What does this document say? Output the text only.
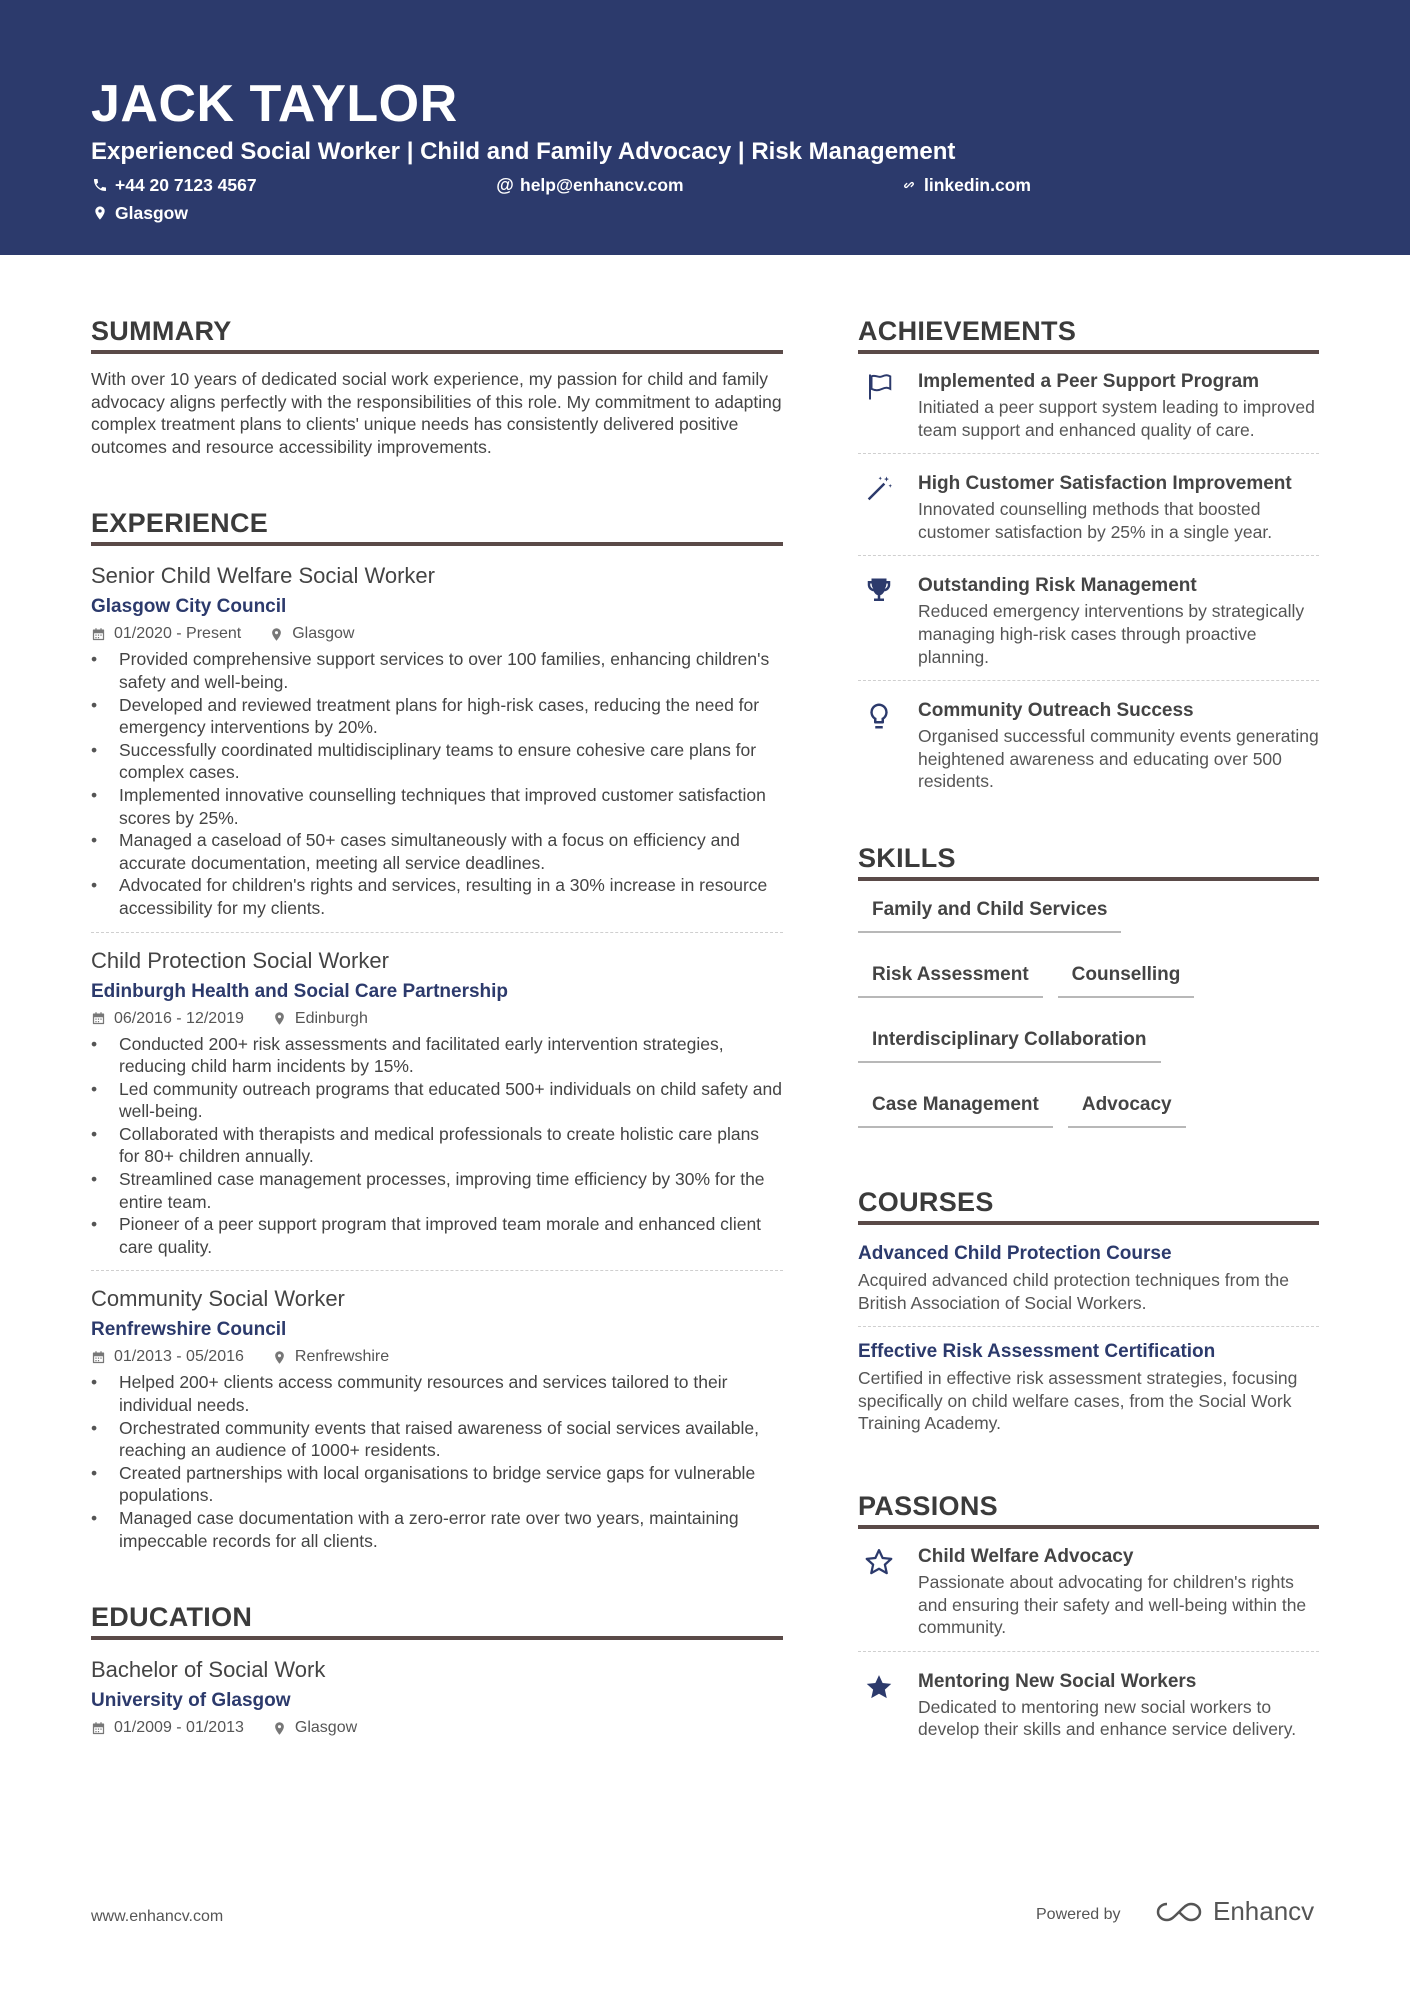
JACK TAYLOR
Experienced Social Worker | Child and Family Advocacy | Risk Management
+44 20 7123 4567	@ help@enhancv.com	linkedin.com
Glasgow
SUMMARY
With over 10 years of dedicated social work experience, my passion for child and family advocacy aligns perfectly with the responsibilities of this role. My commitment to adapting complex treatment plans to clients' unique needs has consistently delivered positive outcomes and resource accessibility improvements.
EXPERIENCE
Senior Child Welfare Social Worker
Glasgow City Council
01/2020 - Present	Glasgow
• Provided comprehensive support services to over 100 families, enhancing children's safety and well-being.
• Developed and reviewed treatment plans for high-risk cases, reducing the need for emergency interventions by 20%.
• Successfully coordinated multidisciplinary teams to ensure cohesive care plans for complex cases.
• Implemented innovative counselling techniques that improved customer satisfaction scores by 25%.
• Managed a caseload of 50+ cases simultaneously with a focus on efficiency and accurate documentation, meeting all service deadlines.
• Advocated for children's rights and services, resulting in a 30% increase in resource accessibility for my clients.
Child Protection Social Worker
Edinburgh Health and Social Care Partnership
06/2016 - 12/2019	Edinburgh
• Conducted 200+ risk assessments and facilitated early intervention strategies, reducing child harm incidents by 15%.
• Led community outreach programs that educated 500+ individuals on child safety and well-being.
• Collaborated with therapists and medical professionals to create holistic care plans for 80+ children annually.
• Streamlined case management processes, improving time efficiency by 30% for the entire team.
• Pioneer of a peer support program that improved team morale and enhanced client care quality.
Community Social Worker
Renfrewshire Council
01/2013 - 05/2016	Renfrewshire
• Helped 200+ clients access community resources and services tailored to their individual needs.
• Orchestrated community events that raised awareness of social services available, reaching an audience of 1000+ residents.
• Created partnerships with local organisations to bridge service gaps for vulnerable populations.
• Managed case documentation with a zero-error rate over two years, maintaining impeccable records for all clients.
EDUCATION
Bachelor of Social Work
University of Glasgow
01/2009 - 01/2013	Glasgow
ACHIEVEMENTS
Implemented a Peer Support Program
Initiated a peer support system leading to improved team support and enhanced quality of care.
High Customer Satisfaction Improvement
Innovated counselling methods that boosted customer satisfaction by 25% in a single year.
Outstanding Risk Management
Reduced emergency interventions by strategically managing high-risk cases through proactive planning.
Community Outreach Success
Organised successful community events generating heightened awareness and educating over 500 residents.
SKILLS
Family and Child Services
Risk Assessment	Counselling
Interdisciplinary Collaboration
Case Management	Advocacy
COURSES
Advanced Child Protection Course
Acquired advanced child protection techniques from the British Association of Social Workers.
Effective Risk Assessment Certification
Certified in effective risk assessment strategies, focusing specifically on child welfare cases, from the Social Work Training Academy.
PASSIONS
Child Welfare Advocacy
Passionate about advocating for children's rights and ensuring their safety and well-being within the community.
Mentoring New Social Workers
Dedicated to mentoring new social workers to develop their skills and enhance service delivery.
www.enhancv.com	Powered by	Enhancv
